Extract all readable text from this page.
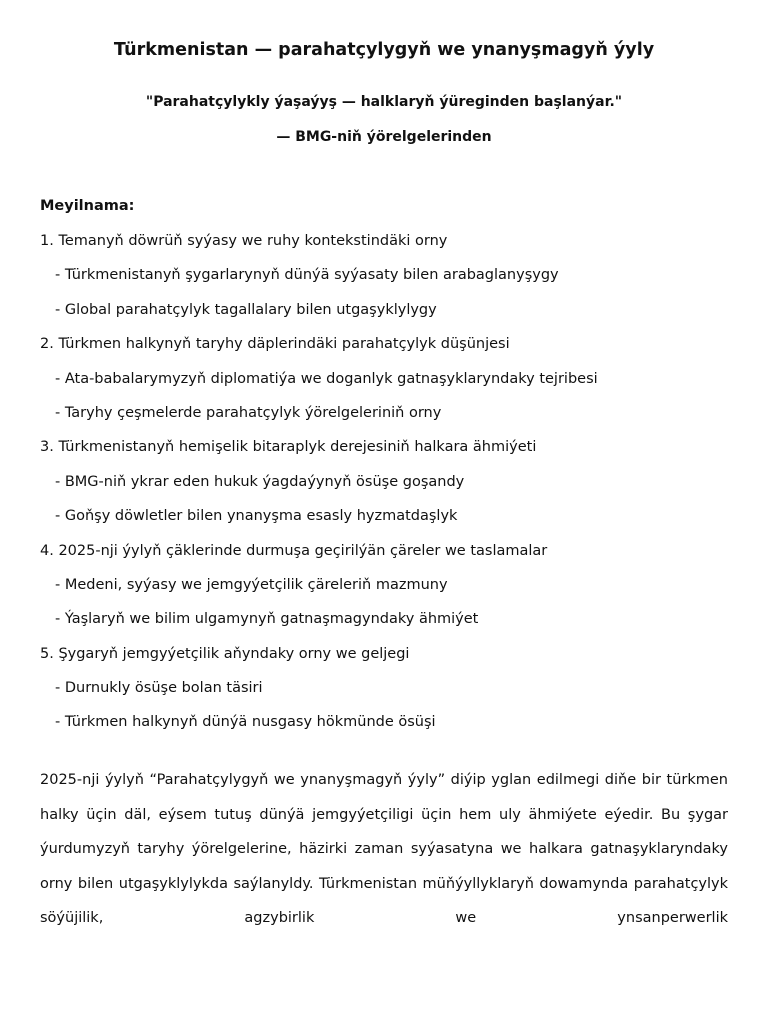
Türkmenistan — parahatçylygyň we ynanyşmagyň ýyly
"Parahatçylykly ýaşaýyş — halklaryň ýüreginden başlanýar."
— BMG-niň ýörelgelerinden
Meyilnama:
1. Temanyň döwrüň syýasy we ruhy kontekstindäki orny
- Türkmenistanyň şygarlarynyň dünýä syýasaty bilen arabaglanyşygy
- Global parahatçylyk tagallalary bilen utgaşyklylygy
2. Türkmen halkynyň taryhy däplerindäki parahatçylyk düşünjesi
- Ata-babalarymyzyň diplomatiýa we doganlyk gatnaşyklaryndaky tejribesi
- Taryhy çeşmelerde parahatçylyk ýörelgeleriniň orny
3. Türkmenistanyň hemişelik bitaraplyk derejesiniň halkara ähmiýeti
- BMG-niň ykrar eden hukuk ýagdaýynyň ösüşe goşandy
- Goňşy döwletler bilen ynanyşma esasly hyzmatdaşlyk
4. 2025-nji ýylyň çäklerinde durmuşa geçirilýän çäreler we taslamalar
- Medeni, syýasy we jemgyýetçilik çäreleriň mazmuny
- Ýaşlaryň we bilim ulgamynyň gatnaşmagyndaky ähmiýet
5. Şygaryň jemgyýetçilik aňyndaky orny we geljegi
- Durnukly ösüşe bolan täsiri
- Türkmen halkynyň dünýä nusgasy hökmünde ösüşi

2025-nji ýylyň “Parahatçylygyň we ynanyşmagyň ýyly” diýip yglan edilmegi diňe bir türkmen halky üçin däl, eýsem tutuş dünýä jemgyýetçiligi üçin hem uly ähmiýete eýedir. Bu şygar ýurdumyzyň taryhy ýörelgelerine, häzirki zaman syýasatyna we halkara gatnaşyklaryndaky orny bilen utgaşyklylykda saýlanyldy. Türkmenistan müňýyllyklaryň dowamynda parahatçylyk söýüjilik, agzybirlik we ynsanperwerlik
